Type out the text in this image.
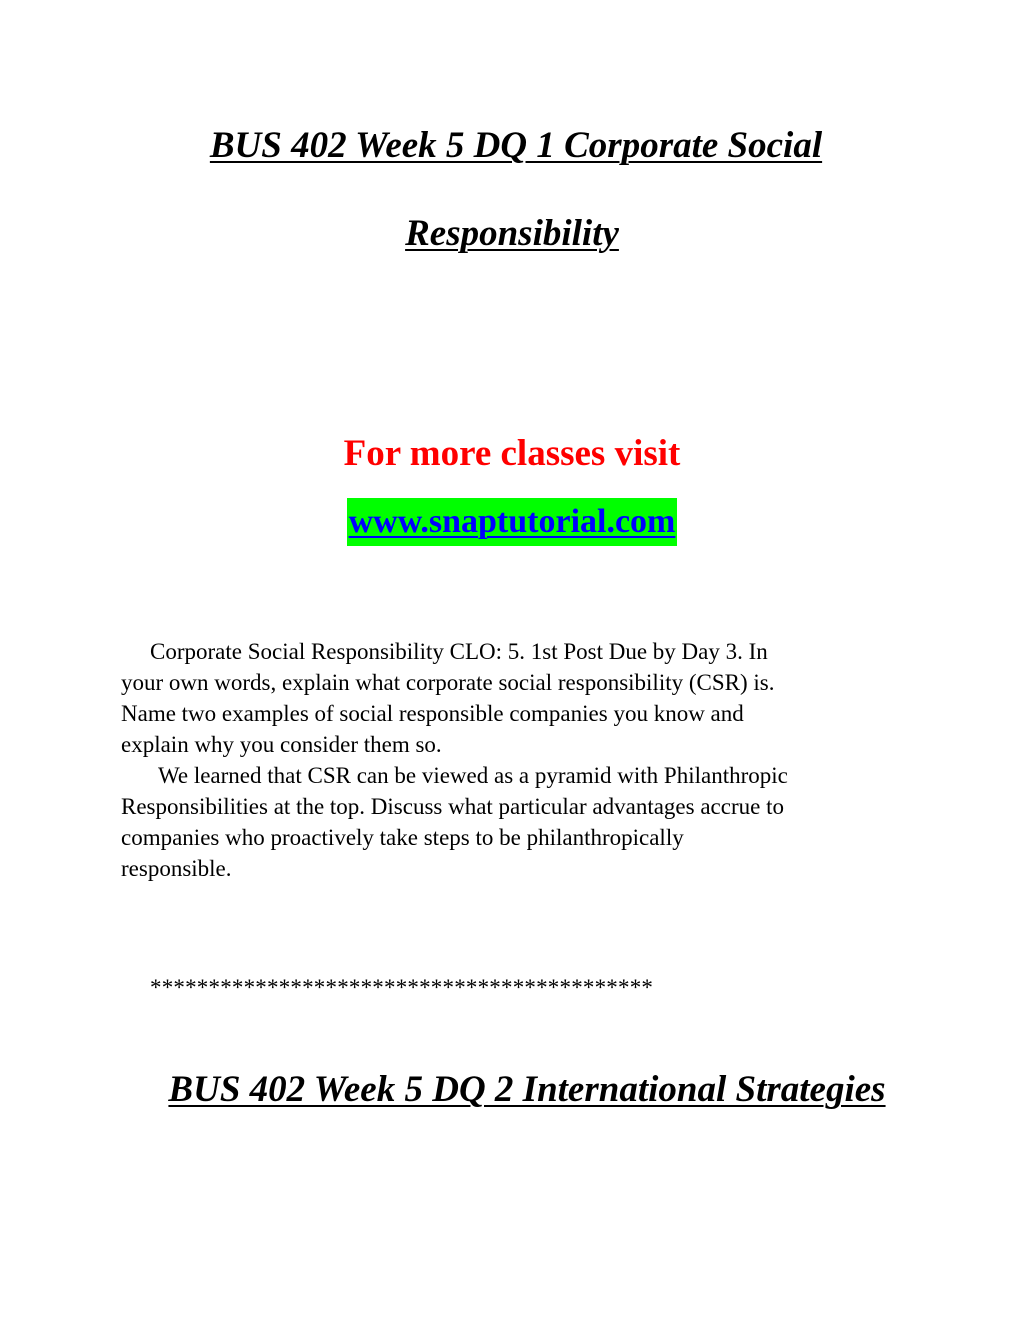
BUS 402 Week 5 DQ 1 Corporate Social
Responsibility
For more classes visit
www.snaptutorial.com
Corporate Social Responsibility CLO: 5. 1st Post Due by Day 3. In
your own words, explain what corporate social responsibility (CSR) is.
Name two examples of social responsible companies you know and
explain why you consider them so.
We learned that CSR can be viewed as a pyramid with Philanthropic
Responsibilities at the top. Discuss what particular advantages accrue to
companies who proactively take steps to be philanthropically
responsible.
*******************************************
BUS 402 Week 5 DQ 2 International Strategies
